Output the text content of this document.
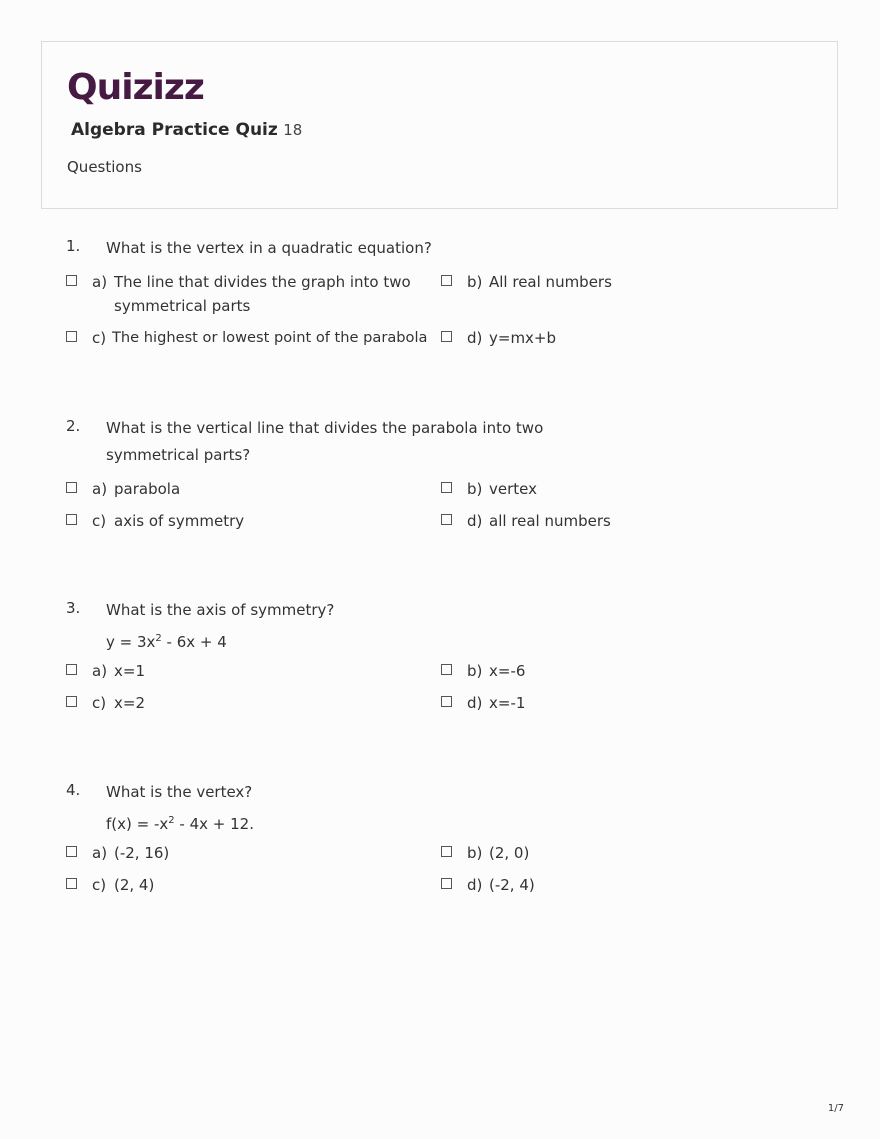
Quizizz
Algebra Practice Quiz 18
Questions
1. What is the vertex in a quadratic equation?
a) The line that divides the graph into two symmetrical parts
b) All real numbers
c) The highest or lowest point of the parabola	d) y=mx+b
2. What is the vertical line that divides the parabola into two symmetrical parts?
a) parabola	b) vertex
c) axis of symmetry	d) all real numbers
3. What is the axis of symmetry?
$y = 3x^2 - 6x + 4$
a) x=1	b) x=-6
c) x=2	d) x=-1
4. What is the vertex?
$f(x) = -x^2 - 4x + 12$.
a) (-2, 16)	b) (2, 0)
c) (2, 4)	d) (-2, 4)
1/7
